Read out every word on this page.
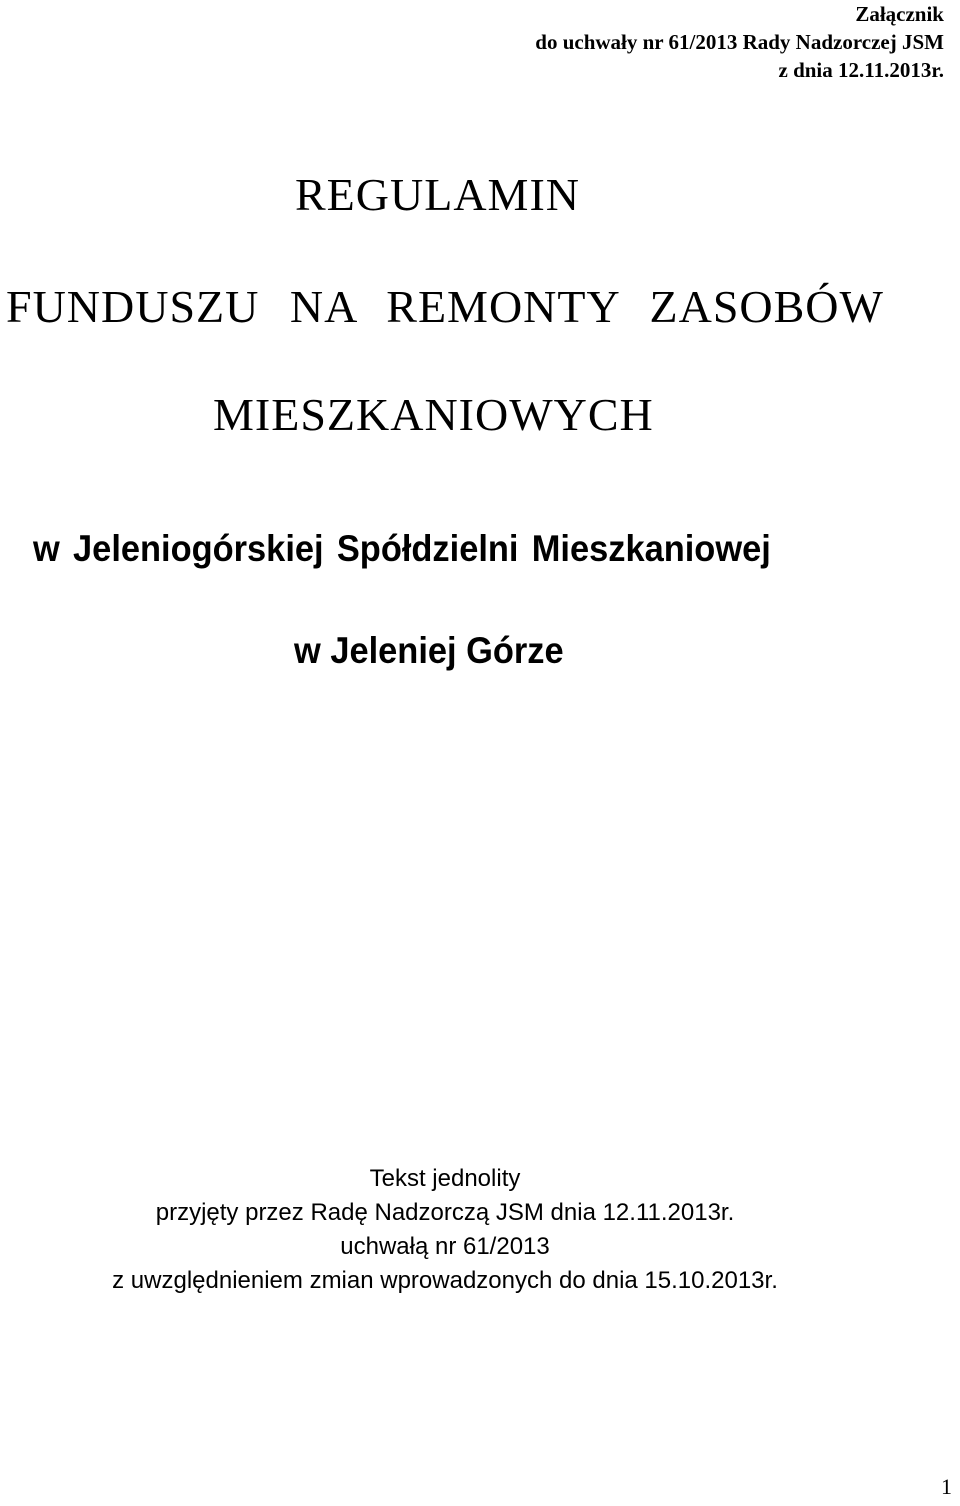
Załącznik
do uchwały nr 61/2013 Rady Nadzorczej JSM
z dnia 12.11.2013r.
REGULAMIN
FUNDUSZU NA REMONTY ZASOBÓW
MIESZKANIOWYCH
w Jeleniogórskiej Spółdzielni Mieszkaniowej
w Jeleniej Górze
Tekst jednolity
przyjęty przez Radę Nadzorczą JSM dnia 12.11.2013r.
uchwałą nr 61/2013
z uwzględnieniem zmian wprowadzonych do dnia 15.10.2013r.
1
